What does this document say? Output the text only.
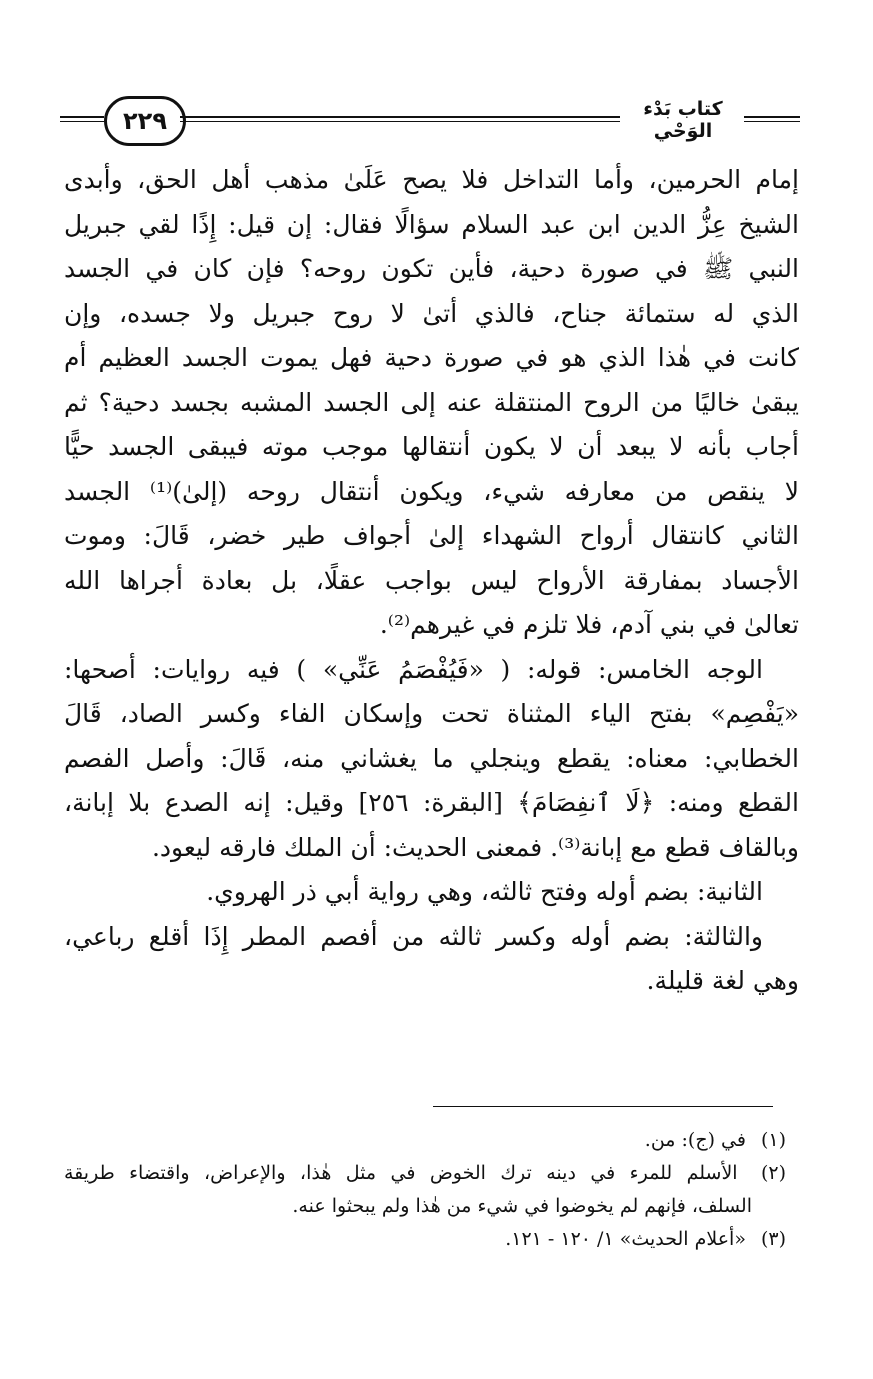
٢٢٩	كتاب بَدْء الوَحْي
إمام الحرمين، وأما التداخل فلا يصح عَلَىٰ مذهب أهل الحق، وأبدى
الشيخ عِزُّ الدين ابن عبد السلام سؤالًا فقال: إن قيل: إِذًا لقي جبريل
النبي ﷺ في صورة دحية، فأين تكون روحه؟ فإن كان في الجسد
الذي له ستمائة جناح، فالذي أتىٰ لا روح جبريل ولا جسده، وإن
كانت في هٰذا الذي هو في صورة دحية فهل يموت الجسد العظيم أم
يبقىٰ خاليًا من الروح المنتقلة عنه إلى الجسد المشبه بجسد دحية؟ ثم
أجاب بأنه لا يبعد أن لا يكون أنتقالها موجب موته فيبقى الجسد حيًّا
لا ينقص من معارفه شيء، ويكون أنتقال روحه (إلىٰ)⁽¹⁾ الجسد
الثاني كانتقال أرواح الشهداء إلىٰ أجواف طير خضر، قَالَ: وموت
الأجساد بمفارقة الأرواح ليس بواجب عقلًا، بل بعادة أجراها الله
تعالىٰ في بني آدم، فلا تلزم في غيرهم⁽²⁾.
الوجه الخامس: قوله: ( «فَيُفْصَمُ عَنِّي» ) فيه روايات: أصحها:
«يَفْصِم» بفتح الياء المثناة تحت وإسكان الفاء وكسر الصاد، قَالَ
الخطابي: معناه: يقطع وينجلي ما يغشاني منه، قَالَ: وأصل الفصم
القطع ومنه: ﴿لَا ٱنفِصَامَ﴾ [البقرة: ٢٥٦] وقيل: إنه الصدع بلا إبانة،
وبالقاف قطع مع إبانة⁽³⁾. فمعنى الحديث: أن الملك فارقه ليعود.
الثانية: بضم أوله وفتح ثالثه، وهي رواية أبي ذر الهروي.
والثالثة: بضم أوله وكسر ثالثه من أفصم المطر إِذَا أقلع رباعي،
وهي لغة قليلة.
(١) في (ج): من.
(٢) الأسلم للمرء في دينه ترك الخوض في مثل هٰذا، والإعراض، واقتضاء طريقة
السلف، فإنهم لم يخوضوا في شيء من هٰذا ولم يبحثوا عنه.
(٣) «أعلام الحديث» ١/ ١٢٠ - ١٢١.
